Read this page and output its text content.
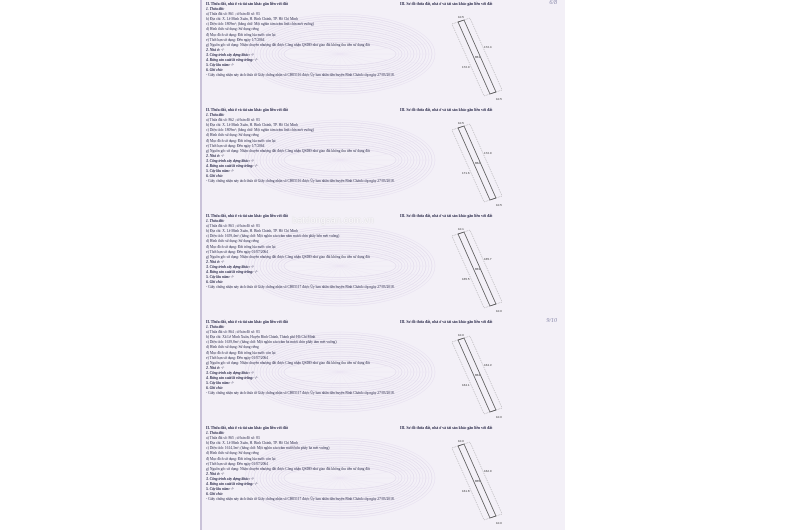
II. Thửa đất, nhà ở và tài sản khác gắn liền với đất
1. Thửa đất:
a) Thửa đất số: 861 ; tờ bản đồ số: 83
b) Địa chỉ: X. Lê Minh Xuân, H. Bình Chánh, TP. Hồ Chí Minh
c) Diện tích: 1809m²; (bằng chữ: Một nghìn tám trăm linh chín mét vuông)
d) Hình thức sử dụng: Sử dụng riêng
đ) Mục đích sử dụng: Đất trồng lúa nước còn lại
e) Thời hạn sử dụng: Đến ngày 1/7/2064
g) Nguồn gốc sử dụng: Nhận chuyển nhượng đất được Công nhận QSDĐ như giao đất không thu tiền sử dụng đất
2. Nhà ở: -/-
3. Công trình xây dựng khác: -/-
4. Rừng sản xuất là rừng trồng: -/-
5. Cây lâu năm: -/-
6. Ghi chú:
- Giấy chứng nhận này tách thửa từ Giấy chứng nhận số CH05116 được Ủy ban nhân dân huyện Bình Chánh cấp ngày 27/03/2018.
III. Sơ đồ thửa đất, nhà ở và tài sản khác gắn liền với đất
861
10.5
172.4
10.5
172.0
6/8
II. Thửa đất, nhà ở và tài sản khác gắn liền với đất
1. Thửa đất:
a) Thửa đất số: 862 ; tờ bản đồ số: 83
b) Địa chỉ: X. Lê Minh Xuân, H. Bình Chánh, TP. Hồ Chí Minh
c) Diện tích: 1809m²; (bằng chữ: Một nghìn tám trăm linh chín mét vuông)
d) Hình thức sử dụng: Sử dụng riêng
đ) Mục đích sử dụng: Đất trồng lúa nước còn lại
e) Thời hạn sử dụng: Đến ngày 1/7/2064
g) Nguồn gốc sử dụng: Nhận chuyển nhượng đất được Công nhận QSDĐ như giao đất không thu tiền sử dụng đất
2. Nhà ở: -/-
3. Công trình xây dựng khác: -/-
4. Rừng sản xuất là rừng trồng: -/-
5. Cây lâu năm: -/-
6. Ghi chú:
- Giấy chứng nhận này tách thửa từ Giấy chứng nhận số CH05116 được Ủy ban nhân dân huyện Bình Chánh cấp ngày 27/03/2018.
III. Sơ đồ thửa đất, nhà ở và tài sản khác gắn liền với đất
862
10.5
172.0
10.5
171.6
II. Thửa đất, nhà ở và tài sản khác gắn liền với đất
1. Thửa đất:
a) Thửa đất số: 863 ; tờ bản đồ số: 83
b) Địa chỉ: X. Lê Minh Xuân, H. Bình Chánh, TP. Hồ Chí Minh
c) Diện tích: 1659,4m²; (bằng chữ: Một nghìn sáu trăm năm mươi chín phẩy bốn mét vuông)
d) Hình thức sử dụng: Sử dụng riêng
đ) Mục đích sử dụng: Đất trồng lúa nước còn lại
e) Thời hạn sử dụng: Đến ngày 01/07/2064
g) Nguồn gốc sử dụng: Nhận chuyển nhượng đất được Công nhận QSDĐ như giao đất không thu tiền sử dụng đất
2. Nhà ở: -/-
3. Công trình xây dựng khác: -/-
4. Rừng sản xuất là rừng trồng: -/-
5. Cây lâu năm: -/-
6. Ghi chú:
- Giấy chứng nhận này tách thửa từ Giấy chứng nhận số CH05117 được Ủy ban nhân dân huyện Bình Chánh cấp ngày 27/03/2018.
III. Sơ đồ thửa đất, nhà ở và tài sản khác gắn liền với đất
863
10.1
165.7
10.0
165.5
batdongsan.com.vn
II. Thửa đất, nhà ở và tài sản khác gắn liền với đất
1. Thửa đất:
a) Thửa đất số: 864 ; tờ bản đồ số: 83
b) Địa chỉ: Xã Lê Minh Xuân, Huyện Bình Chánh, Thành phố Hồ Chí Minh
c) Diện tích: 1639,8m²; (bằng chữ: Một nghìn sáu trăm ba mươi chín phẩy tám mét vuông)
d) Hình thức sử dụng: Sử dụng riêng
đ) Mục đích sử dụng: Đất trồng lúa nước còn lại
e) Thời hạn sử dụng: Đến ngày 01/07/2064
g) Nguồn gốc sử dụng: Nhận chuyển nhượng đất được Công nhận QSDĐ như giao đất không thu tiền sử dụng đất
2. Nhà ở: -/-
3. Công trình xây dựng khác: -/-
4. Rừng sản xuất là rừng trồng: -/-
5. Cây lâu năm: -/-
6. Ghi chú:
- Giấy chứng nhận này tách thửa từ Giấy chứng nhận số CH05117 được Ủy ban nhân dân huyện Bình Chánh cấp ngày 27/03/2018.
III. Sơ đồ thửa đất, nhà ở và tài sản khác gắn liền với đất
864
10.0
164.3
10.0
164.1
9/10
II. Thửa đất, nhà ở và tài sản khác gắn liền với đất
1. Thửa đất:
a) Thửa đất số: 865 ; tờ bản đồ số: 83
b) Địa chỉ: X. Lê Minh Xuân, H. Bình Chánh, TP. Hồ Chí Minh
c) Diện tích: 1614,3m²; (bằng chữ: Một nghìn sáu trăm mười bốn phẩy ba mét vuông)
d) Hình thức sử dụng: Sử dụng riêng
đ) Mục đích sử dụng: Đất trồng lúa nước còn lại
e) Thời hạn sử dụng: Đến ngày 01/07/2064
g) Nguồn gốc sử dụng: Nhận chuyển nhượng đất được Công nhận QSDĐ như giao đất không thu tiền sử dụng đất
2. Nhà ở: -/-
3. Công trình xây dựng khác: -/-
4. Rừng sản xuất là rừng trồng: -/-
5. Cây lâu năm: -/-
6. Ghi chú:
- Giấy chứng nhận này tách thửa từ Giấy chứng nhận số CH05117 được Ủy ban nhân dân huyện Bình Chánh cấp ngày 27/03/2018.
III. Sơ đồ thửa đất, nhà ở và tài sản khác gắn liền với đất
865
10.0
162.0
10.0
161.8
